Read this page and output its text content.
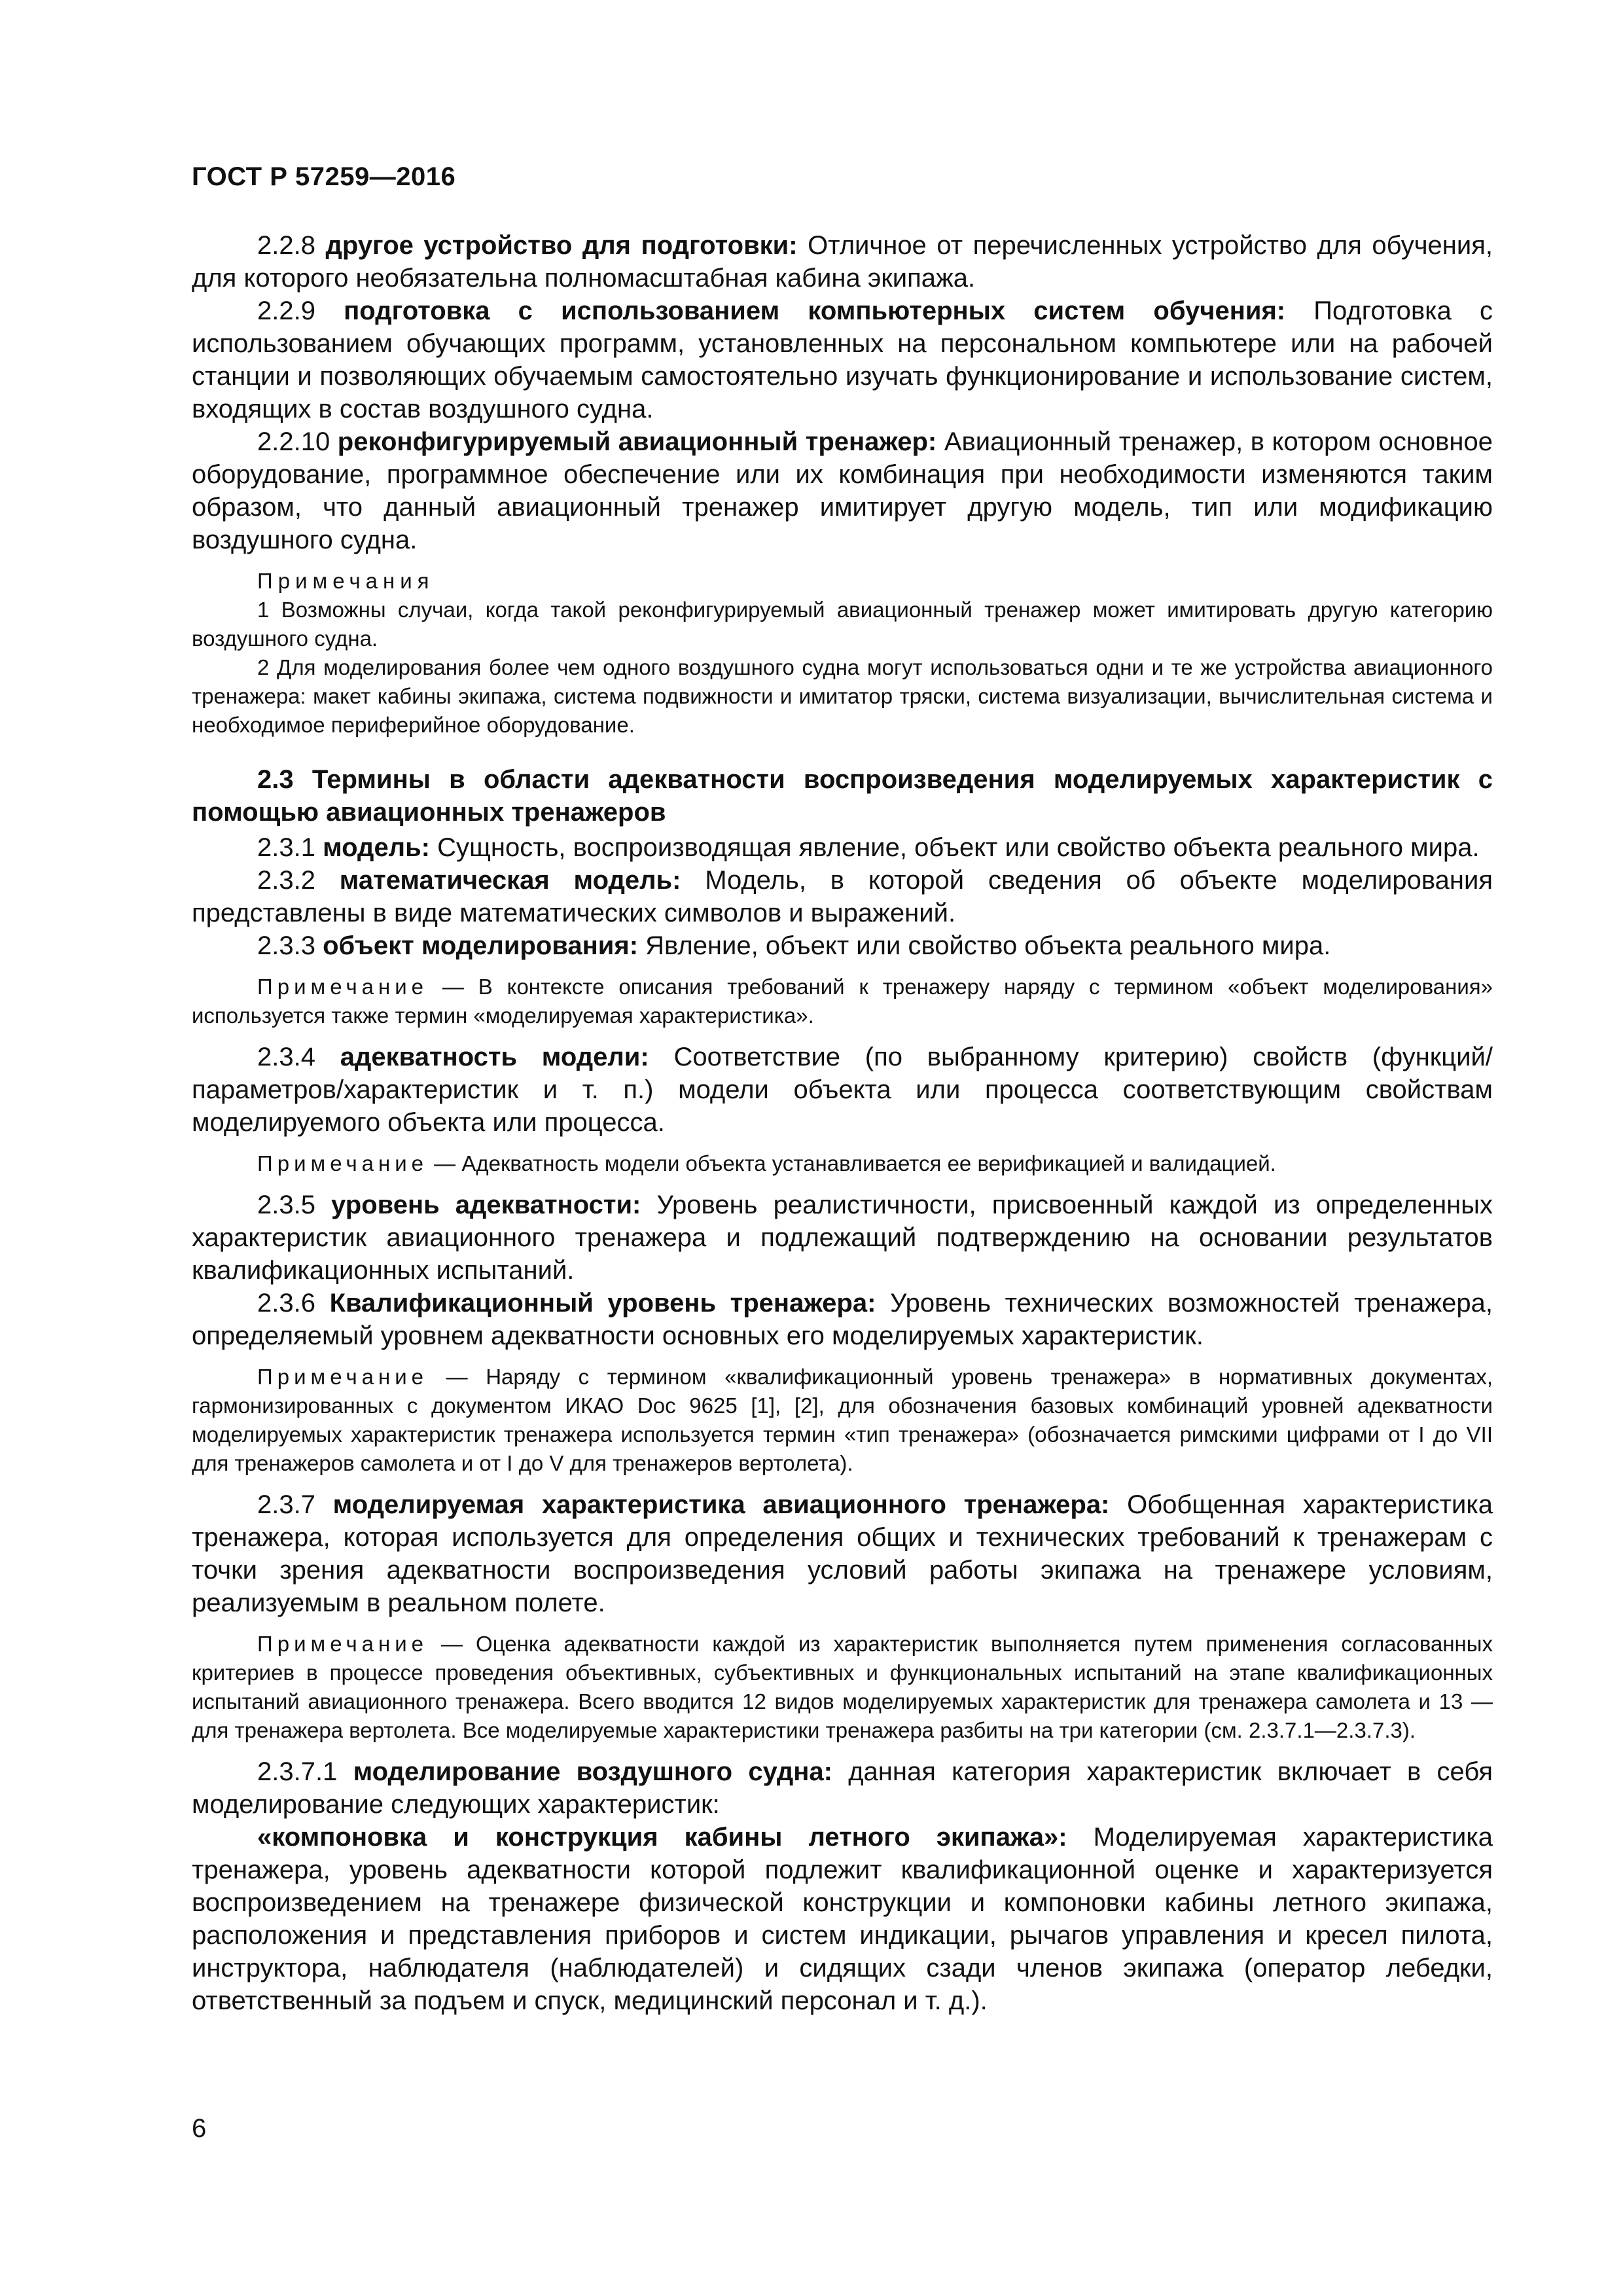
ГОСТ Р 57259—2016

2.2.8 другое устройство для подготовки: Отличное от перечисленных устройство для обучения, для которого необязательна полномасштабная кабина экипажа.

2.2.9 подготовка с использованием компьютерных систем обучения: Подготовка с использованием обучающих программ, установленных на персональном компьютере или на рабочей станции и позволяющих обучаемым самостоятельно изучать функционирование и использование систем, входящих в состав воздушного судна.

2.2.10 реконфигурируемый авиационный тренажер: Авиационный тренажер, в котором основное оборудование, программное обеспечение или их комбинация при необходимости изменяются таким образом, что данный авиационный тренажер имитирует другую модель, тип или модификацию воздушного судна.

Примечания

1 Возможны случаи, когда такой реконфигурируемый авиационный тренажер может имитировать другую категорию воздушного судна.

2 Для моделирования более чем одного воздушного судна могут использоваться одни и те же устройства авиационного тренажера: макет кабины экипажа, система подвижности и имитатор тряски, система визуализации, вычислительная система и необходимое периферийное оборудование.

2.3 Термины в области адекватности воспроизведения моделируемых характеристик с помощью авиационных тренажеров

2.3.1 модель: Сущность, воспроизводящая явление, объект или свойство объекта реального мира.

2.3.2 математическая модель: Модель, в которой сведения об объекте моделирования представлены в виде математических символов и выражений.

2.3.3 объект моделирования: Явление, объект или свойство объекта реального мира.

Примечание — В контексте описания требований к тренажеру наряду с термином «объект моделирования» используется также термин «моделируемая характеристика».

2.3.4 адекватность модели: Соответствие (по выбранному критерию) свойств (функций/параметров/характеристик и т. п.) модели объекта или процесса соответствующим свойствам моделируемого объекта или процесса.

Примечание — Адекватность модели объекта устанавливается ее верификацией и валидацией.

2.3.5 уровень адекватности: Уровень реалистичности, присвоенный каждой из определенных характеристик авиационного тренажера и подлежащий подтверждению на основании результатов квалификационных испытаний.

2.3.6 Квалификационный уровень тренажера: Уровень технических возможностей тренажера, определяемый уровнем адекватности основных его моделируемых характеристик.

Примечание — Наряду с термином «квалификационный уровень тренажера» в нормативных документах, гармонизированных с документом ИКАО Doc 9625 [1], [2], для обозначения базовых комбинаций уровней адекватности моделируемых характеристик тренажера используется термин «тип тренажера» (обозначается римскими цифрами от I до VII для тренажеров самолета и от I до V для тренажеров вертолета).

2.3.7 моделируемая характеристика авиационного тренажера: Обобщенная характеристика тренажера, которая используется для определения общих и технических требований к тренажерам с точки зрения адекватности воспроизведения условий работы экипажа на тренажере условиям, реализуемым в реальном полете.

Примечание — Оценка адекватности каждой из характеристик выполняется путем применения согласованных критериев в процессе проведения объективных, субъективных и функциональных испытаний на этапе квалификационных испытаний авиационного тренажера. Всего вводится 12 видов моделируемых характеристик для тренажера самолета и 13 — для тренажера вертолета. Все моделируемые характеристики тренажера разбиты на три категории (см. 2.3.7.1—2.3.7.3).

2.3.7.1 моделирование воздушного судна: данная категория характеристик включает в себя моделирование следующих характеристик:

«компоновка и конструкция кабины летного экипажа»: Моделируемая характеристика тренажера, уровень адекватности которой подлежит квалификационной оценке и характеризуется воспроизведением на тренажере физической конструкции и компоновки кабины летного экипажа, расположения и представления приборов и систем индикации, рычагов управления и кресел пилота, инструктора, наблюдателя (наблюдателей) и сидящих сзади членов экипажа (оператор лебедки, ответственный за подъем и спуск, медицинский персонал и т. д.).

6
